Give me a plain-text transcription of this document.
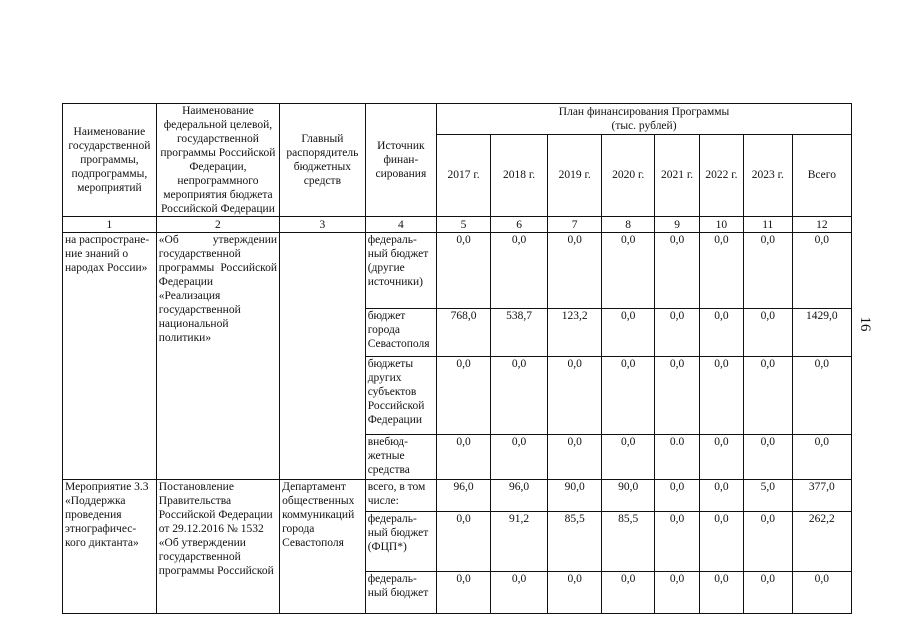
16
Наименование государственной программы, подпрограммы, мероприятий	Наименование федеральной целевой, государственной программы Российской Федерации, непрограммного мероприятия бюджета Российской Федерации	Главный распорядитель бюджетных средств	Источник финан-сирования	План финансирования Программы
(тыс. рублей)							

				2017 г.	2018 г.	2019 г.	2020 г.	2021 г.	2022 г.	2023 г.	Всего
1	2	3	4	5	6	7	8	9	10	11	12
на распростране-ние знаний о народах России»	«Об утверждении государственной программы Российской Федерации «Реализация государственной национальной политики»		федераль-ный бюджет (другие источники)	0,0	0,0	0,0	0,0	0,0	0,0	0,0	0,0
			бюджет города Севастополя	768,0	538,7	123,2	0,0	0,0	0,0	0,0	1429,0
			бюджеты других субъектов Российской Федерации	0,0	0,0	0,0	0,0	0,0	0,0	0,0	0,0
			внебюд-жетные средства	0,0	0,0	0,0	0,0	0.0	0,0	0,0	0,0
Мероприятие 3.3 «Поддержка проведения этнографичес-кого диктанта»	Постановление Правительства Российской Федерации от 29.12.2016 № 1532 «Об утверждении государственной программы Российской	Департамент общественных коммуникаций города Севастополя	всего, в том числе:	96,0	96,0	90,0	90,0	0,0	0,0	5,0	377,0
			федераль-ный бюджет (ФЦП*)	0,0	91,2	85,5	85,5	0,0	0,0	0,0	262,2
			федераль-ный бюджет	0,0	0,0	0,0	0,0	0,0	0,0	0,0	0,0
